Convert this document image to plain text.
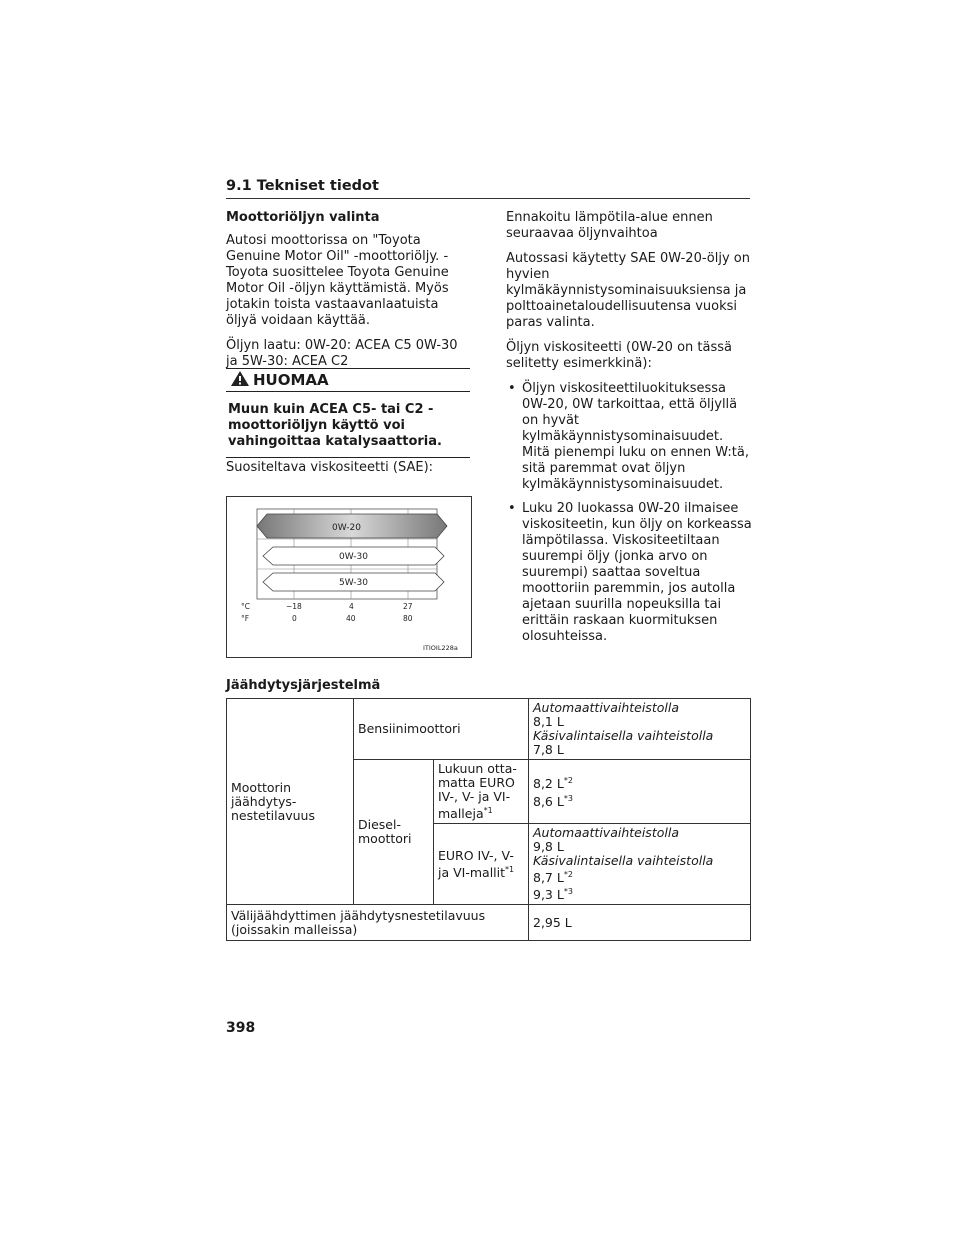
9.1 Tekniset tiedot

Moottoriöljyn valinta

Autosi moottorissa on "Toyota Genuine Motor Oil" -moottoriöljy. -Toyota suosittelee Toyota Genuine Motor Oil -öljyn käyttämistä. Myös jotakin toista vastaavanlaatuista öljyä voidaan käyttää.

Öljyn laatu: 0W-20: ACEA C5 0W-30 ja 5W-30: ACEA C2

HUOMAA
Muun kuin ACEA C5- tai C2 -moottoriöljyn käyttö voi vahingoittaa katalysaattoria.
Suositeltava viskositeetti (SAE):
0W-20
0W-30
5W-30
°C
°F
−18	4	27
0	40	80
ITIOIL228a

Ennakoitu lämpötila-alue ennen seuraavaa öljynvaihtoa

Autossasi käytetty SAE 0W-20-öljy on hyvien kylmäkäynnistysominaisuuksiensa ja polttoainetaloudellisuutensa vuoksi paras valinta.

Öljyn viskositeetti (0W-20 on tässä selitetty esimerkkinä):

• Öljyn viskositeettiluokituksessa 0W-20, 0W tarkoittaa, että öljyllä on hyvät kylmäkäynnistysominaisuudet. Mitä pienempi luku on ennen W:tä, sitä paremmat ovat öljyn kylmäkäynnistysominaisuudet.
• Luku 20 luokassa 0W-20 ilmaisee viskositeetin, kun öljy on korkeassa lämpötilassa. Viskositeetiltaan suurempi öljy (jonka arvo on suurempi) saattaa soveltua moottoriin paremmin, jos autolla ajetaan suurilla nopeuksilla tai erittäin raskaan kuormituksen olosuhteissa.
Jäähdytysjärjestelmä
Moottorin jäähdytys-nestetilavuus	Bensiinimoottori		Automaattivaihteistolla
8,1 L
Käsivalintaisella vaihteistolla
7,8 L

	Diesel-moottori	Lukuun otta-matta EURO IV-, V- ja VI-malleja$^{*1}$	8,2 $L^{*2}$
8,6 $L^{*3}$

		EURO IV-, V- ja VI-mallit$^{*1}$	Automaattivaihteistolla
9,8 L
Käsivalintaisella vaihteistolla
8,7 $L^{*2}$
9,3 $L^{*3}$

Välijäähdyttimen jäähdytysnestetilavuus (joissakin malleissa)			2,95 L
398
